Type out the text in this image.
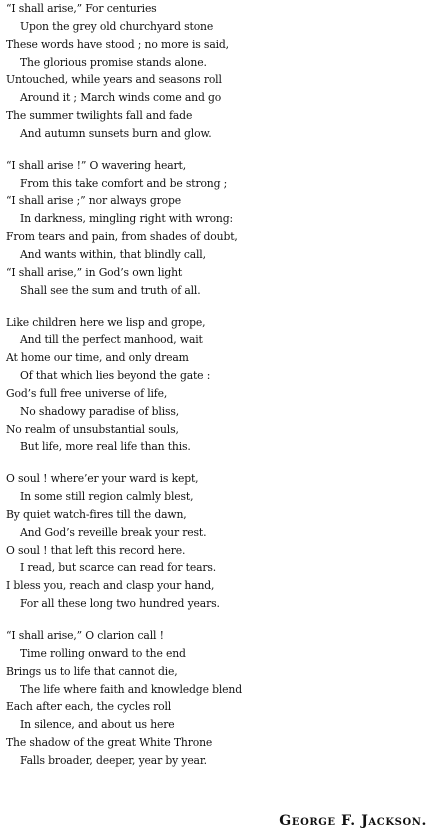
“I shall arise,” For centuries
Upon the grey old churchyard stone
These words have stood ; no more is said,
The glorious promise stands alone.
Untouched, while years and seasons roll
Around it ; March winds come and go
The summer twilights fall and fade
And autumn sunsets burn and glow.
“I shall arise !” O wavering heart,
From this take comfort and be strong ;
“I shall arise ;” nor always grope
In darkness, mingling right with wrong:
From tears and pain, from shades of doubt,
And wants within, that blindly call,
“I shall arise,” in God’s own light
Shall see the sum and truth of all.
Like children here we lisp and grope,
And till the perfect manhood, wait
At home our time, and only dream
Of that which lies beyond the gate :
God’s full free universe of life,
No shadowy paradise of bliss,
No realm of unsubstantial souls,
But life, more real life than this.
O soul ! where’er your ward is kept,
In some still region calmly blest,
By quiet watch-fires till the dawn,
And God’s reveille break your rest.
O soul ! that left this record here.
I read, but scarce can read for tears.
I bless you, reach and clasp your hand,
For all these long two hundred years.
“I shall arise,” O clarion call !
Time rolling onward to the end
Brings us to life that cannot die,
The life where faith and knowledge blend
Each after each, the cycles roll
In silence, and about us here
The shadow of the great White Throne
Falls broader, deeper, year by year.
George F. Jackson.
